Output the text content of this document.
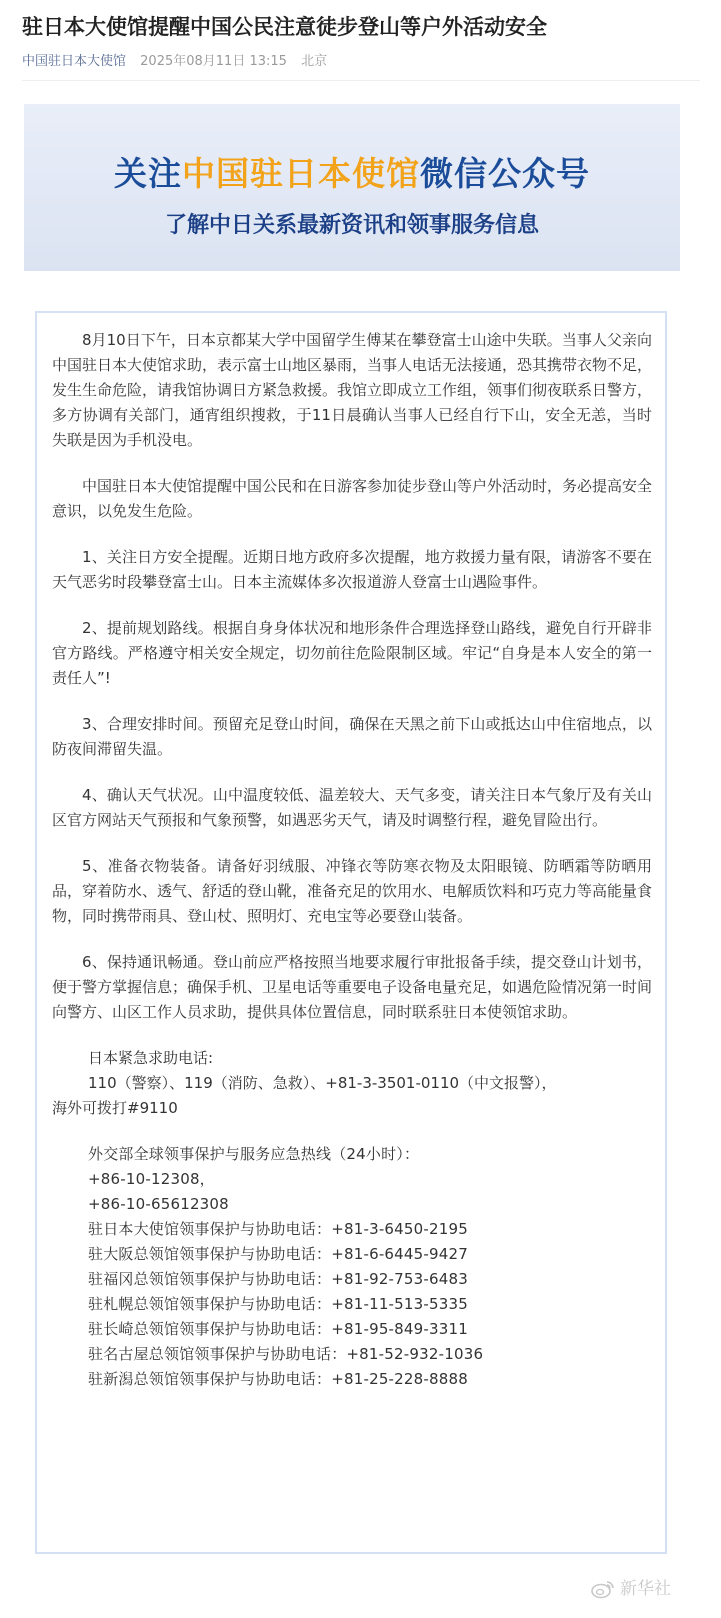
驻日本大使馆提醒中国公民注意徒步登山等户外活动安全
中国驻日本大使馆 2025年08月11日 13:15 北京
关注中国驻日本使馆微信公众号
了解中日关系最新资讯和领事服务信息

8月10日下午，日本京都某大学中国留学生傅某在攀登富士山途中失联。当事人父亲向中国驻日本大使馆求助，表示富士山地区暴雨，当事人电话无法接通，恐其携带衣物不足，发生生命危险，请我馆协调日方紧急救援。我馆立即成立工作组，领事们彻夜联系日警方，多方协调有关部门，通宵组织搜救，于11日晨确认当事人已经自行下山，安全无恙，当时失联是因为手机没电。

中国驻日本大使馆提醒中国公民和在日游客参加徒步登山等户外活动时，务必提高安全意识，以免发生危险。

1、关注日方安全提醒。近期日地方政府多次提醒，地方救援力量有限，请游客不要在天气恶劣时段攀登富士山。日本主流媒体多次报道游人登富士山遇险事件。

2、提前规划路线。根据自身身体状况和地形条件合理选择登山路线，避免自行开辟非官方路线。严格遵守相关安全规定，切勿前往危险限制区域。牢记“自身是本人安全的第一责任人”!

3、合理安排时间。预留充足登山时间，确保在天黑之前下山或抵达山中住宿地点，以防夜间滞留失温。

4、确认天气状况。山中温度较低、温差较大、天气多变，请关注日本气象厅及有关山区官方网站天气预报和气象预警，如遇恶劣天气，请及时调整行程，避免冒险出行。

5、准备衣物装备。请备好羽绒服、冲锋衣等防寒衣物及太阳眼镜、防晒霜等防晒用品，穿着防水、透气、舒适的登山靴，准备充足的饮用水、电解质饮料和巧克力等高能量食物，同时携带雨具、登山杖、照明灯、充电宝等必要登山装备。

6、保持通讯畅通。登山前应严格按照当地要求履行审批报备手续，提交登山计划书，便于警方掌握信息；确保手机、卫星电话等重要电子设备电量充足，如遇危险情况第一时间向警方、山区工作人员求助，提供具体位置信息，同时联系驻日本使领馆求助。

日本紧急求助电话:
110（警察）、119（消防、急救）、+81-3-3501-0110（中文报警），
海外可拨打#9110
外交部全球领事保护与服务应急热线（24小时）：
+86-10-12308，
+86-10-65612308
驻日本大使馆领事保护与协助电话：+81-3-6450-2195
驻大阪总领馆领事保护与协助电话：+81-6-6445-9427
驻福冈总领馆领事保护与协助电话：+81-92-753-6483
驻札幌总领馆领事保护与协助电话：+81-11-513-5335
驻长崎总领馆领事保护与协助电话：+81-95-849-3311
驻名古屋总领馆领事保护与协助电话：+81-52-932-1036
驻新潟总领馆领事保护与协助电话：+81-25-228-8888
新华社
